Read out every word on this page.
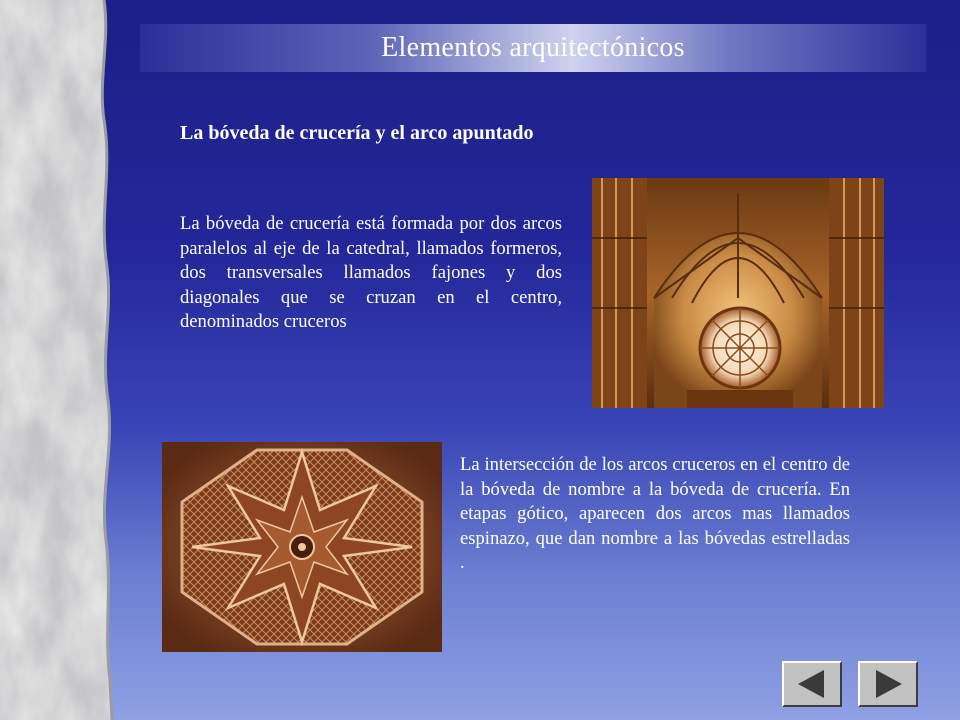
Elementos arquitectónicos
La bóveda de crucería y el arco apuntado
La bóveda de crucería está formada por dos arcos paralelos al eje de la catedral, llamados formeros, dos transversales llamados fajones y dos diagonales que se cruzan en el centro, denominados cruceros
La intersección de los arcos cruceros en el centro de la bóveda de nombre a la bóveda de crucería. En etapas gótico, aparecen dos arcos mas llamados espinazo, que dan nombre a las bóvedas estrelladas .
